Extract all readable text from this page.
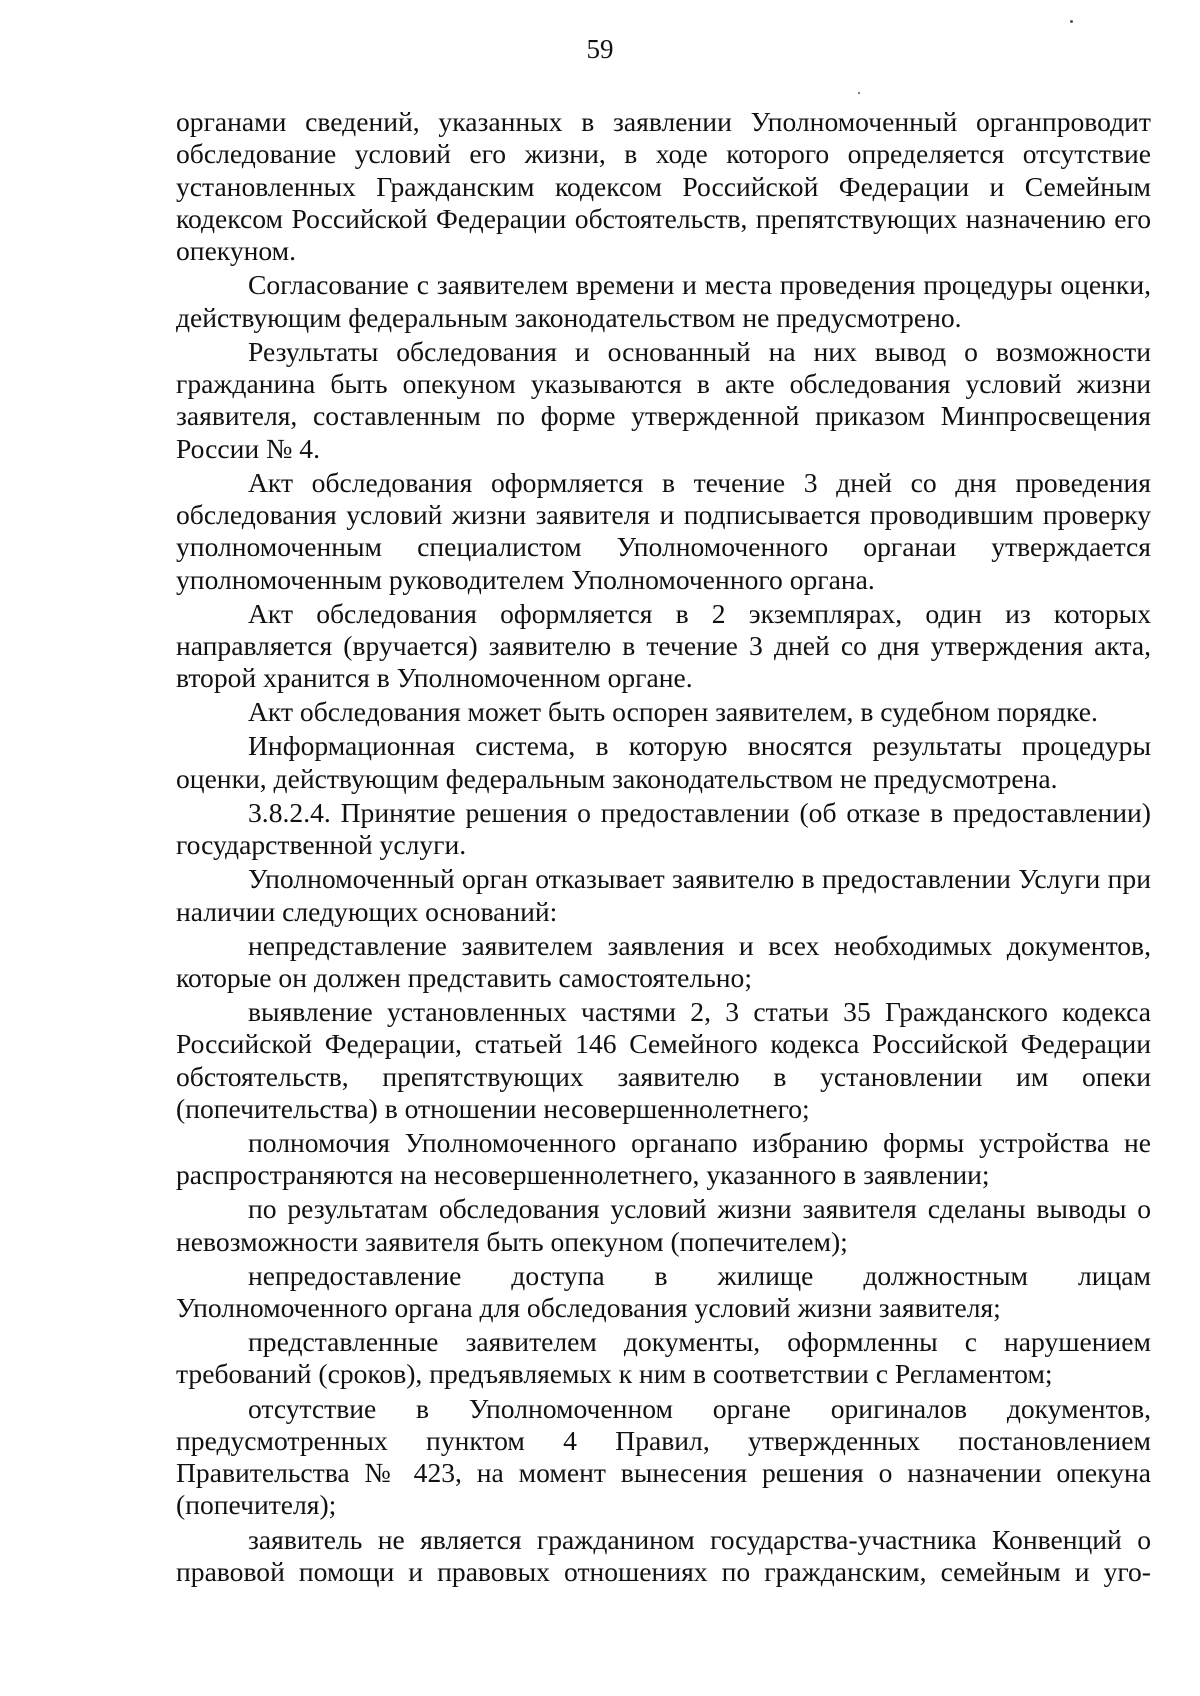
59

органами сведений, указанных в заявлении Уполномоченный органпроводит обследование условий его жизни, в ходе которого определяется отсутствие установленных Гражданским кодексом Российской Федерации и Семейным кодексом Российской Федерации обстоятельств, препятствующих назначению его опекуном.

Согласование с заявителем времени и места проведения процедуры оценки, действующим федеральным законодательством не предусмотрено.

Результаты обследования и основанный на них вывод о возможности гражданина быть опекуном указываются в акте обследования условий жизни заявителя, составленным по форме утвержденной приказом Минпросвещения России № 4.

Акт обследования оформляется в течение 3 дней со дня проведения обследования условий жизни заявителя и подписывается проводившим проверку уполномоченным специалистом Уполномоченного органаи утверждается уполномоченным руководителем Уполномоченного органа.

Акт обследования оформляется в 2 экземплярах, один из которых направляется (вручается) заявителю в течение 3 дней со дня утверждения акта, второй хранится в Уполномоченном органе.

Акт обследования может быть оспорен заявителем, в судебном порядке.

Информационная система, в которую вносятся результаты процедуры оценки, действующим федеральным законодательством не предусмотрена.

3.8.2.4. Принятие решения о предоставлении (об отказе в предоставлении) государственной услуги.

Уполномоченный орган отказывает заявителю в предоставлении Услуги при наличии следующих оснований:

непредставление заявителем заявления и всех необходимых документов, которые он должен представить самостоятельно;

выявление установленных частями 2, 3 статьи 35 Гражданского кодекса Российской Федерации, статьей 146 Семейного кодекса Российской Федерации обстоятельств, препятствующих заявителю в установлении им опеки (попечительства) в отношении несовершеннолетнего;

полномочия Уполномоченного органапо избранию формы устройства не распространяются на несовершеннолетнего, указанного в заявлении;

по результатам обследования условий жизни заявителя сделаны выводы о невозможности заявителя быть опекуном (попечителем);

непредоставление доступа в жилище должностным лицам Уполномоченного органа для обследования условий жизни заявителя;

представленные заявителем документы, оформленны с нарушением требований (сроков), предъявляемых к ним в соответствии с Регламентом;

отсутствие в Уполномоченном органе оригиналов документов, предусмотренных пунктом 4 Правил, утвержденных постановлением Правительства № 423, на момент вынесения решения о назначении опекуна (попечителя);

заявитель не является гражданином государства-участника Конвенций о правовой помощи и правовых отношениях по гражданским, семейным и уго-
